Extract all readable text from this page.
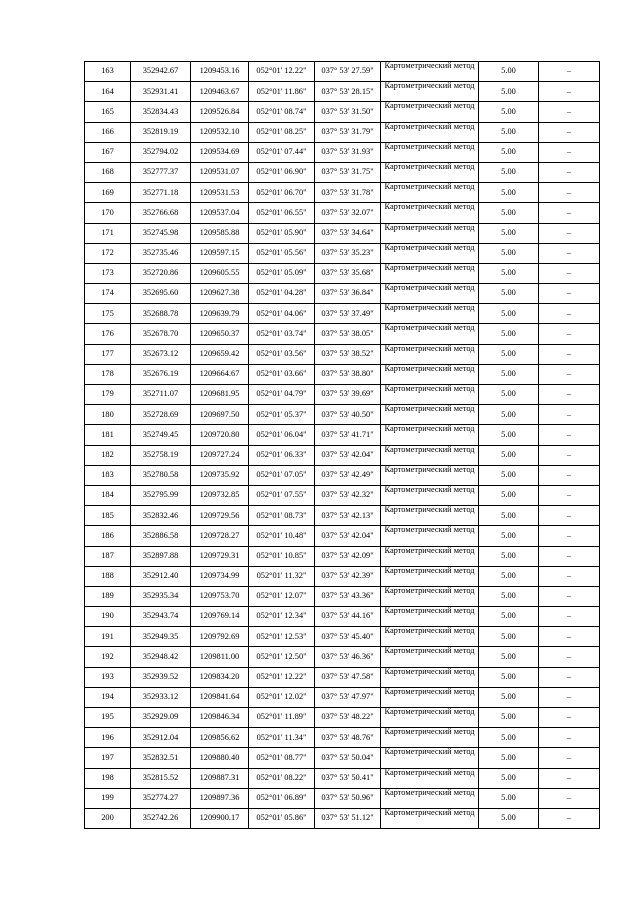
163	352942.67	1209453.16	052°01' 12.22"	037° 53' 27.59"	Картометрический метод	5.00	–
164	352931.41	1209463.67	052°01' 11.86"	037° 53' 28.15"	Картометрический метод	5.00	–
165	352834.43	1209526.84	052°01' 08.74"	037° 53' 31.50"	Картометрический метод	5.00	–
166	352819.19	1209532.10	052°01' 08.25"	037° 53' 31.79"	Картометрический метод	5.00	–
167	352794.02	1209534.69	052°01' 07.44"	037° 53' 31.93"	Картометрический метод	5.00	–
168	352777.37	1209531.07	052°01' 06.90"	037° 53' 31.75"	Картометрический метод	5.00	–
169	352771.18	1209531.53	052°01' 06.70"	037° 53' 31.78"	Картометрический метод	5.00	–
170	352766.68	1209537.04	052°01' 06.55"	037° 53' 32.07"	Картометрический метод	5.00	–
171	352745.98	1209585.88	052°01' 05.90"	037° 53' 34.64"	Картометрический метод	5.00	–
172	352735.46	1209597.15	052°01' 05.56"	037° 53' 35.23"	Картометрический метод	5.00	–
173	352720.86	1209605.55	052°01' 05.09"	037° 53' 35.68"	Картометрический метод	5.00	–
174	352695.60	1209627.38	052°01' 04.28"	037° 53' 36.84"	Картометрический метод	5.00	–
175	352688.78	1209639.79	052°01' 04.06"	037° 53' 37.49"	Картометрический метод	5.00	–
176	352678.70	1209650.37	052°01' 03.74"	037° 53' 38.05"	Картометрический метод	5.00	–
177	352673.12	1209659.42	052°01' 03.56"	037° 53' 38.52"	Картометрический метод	5.00	–
178	352676.19	1209664.67	052°01' 03.66"	037° 53' 38.80"	Картометрический метод	5.00	–
179	352711.07	1209681.95	052°01' 04.79"	037° 53' 39.69"	Картометрический метод	5.00	–
180	352728.69	1209697.50	052°01' 05.37"	037° 53' 40.50"	Картометрический метод	5.00	–
181	352749.45	1209720.80	052°01' 06.04"	037° 53' 41.71"	Картометрический метод	5.00	–
182	352758.19	1209727.24	052°01' 06.33"	037° 53' 42.04"	Картометрический метод	5.00	–
183	352780.58	1209735.92	052°01' 07.05"	037° 53' 42.49"	Картометрический метод	5.00	–
184	352795.99	1209732.85	052°01' 07.55"	037° 53' 42.32"	Картометрический метод	5.00	–
185	352832.46	1209729.56	052°01' 08.73"	037° 53' 42.13"	Картометрический метод	5.00	–
186	352886.58	1209728.27	052°01' 10.48"	037° 53' 42.04"	Картометрический метод	5.00	–
187	352897.88	1209729.31	052°01' 10.85"	037° 53' 42.09"	Картометрический метод	5.00	–
188	352912.40	1209734.99	052°01' 11.32"	037° 53' 42.39"	Картометрический метод	5.00	–
189	352935.34	1209753.70	052°01' 12.07"	037° 53' 43.36"	Картометрический метод	5.00	–
190	352943.74	1209769.14	052°01' 12.34"	037° 53' 44.16"	Картометрический метод	5.00	–
191	352949.35	1209792.69	052°01' 12.53"	037° 53' 45.40"	Картометрический метод	5.00	–
192	352948.42	1209811.00	052°01' 12.50"	037° 53' 46.36"	Картометрический метод	5.00	–
193	352939.52	1209834.20	052°01' 12.22"	037° 53' 47.58"	Картометрический метод	5.00	–
194	352933.12	1209841.64	052°01' 12.02"	037° 53' 47.97"	Картометрический метод	5.00	–
195	352929.09	1209846.34	052°01' 11.89"	037° 53' 48.22"	Картометрический метод	5.00	–
196	352912.04	1209856.62	052°01' 11.34"	037° 53' 48.76"	Картометрический метод	5.00	–
197	352832.51	1209880.40	052°01' 08.77"	037° 53' 50.04"	Картометрический метод	5.00	–
198	352815.52	1209887.31	052°01' 08.22"	037° 53' 50.41"	Картометрический метод	5.00	–
199	352774.27	1209897.36	052°01' 06.89"	037° 53' 50.96"	Картометрический метод	5.00	–
200	352742.26	1209900.17	052°01' 05.86"	037° 53' 51.12"	Картометрический метод	5.00	–
